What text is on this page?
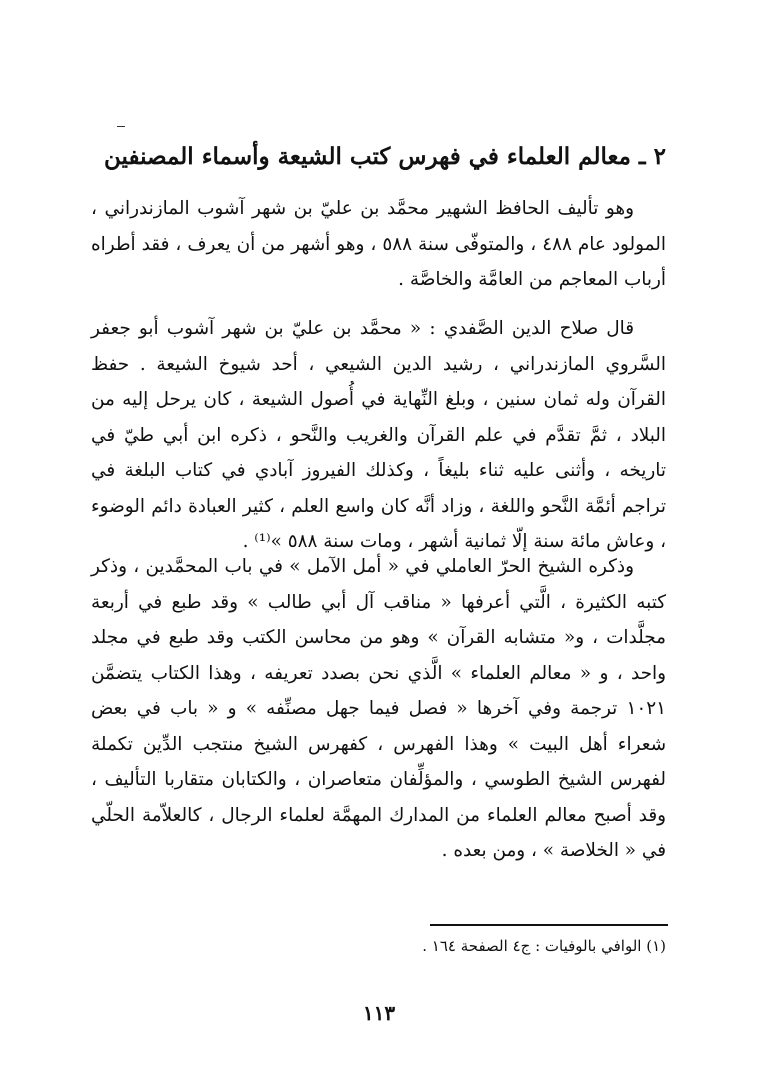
٢ ـ معالم العلماء في فهرس كتب الشيعة وأسماء المصنفين

وهو تأليف الحافظ الشهير محمَّد بن عليّ بن شهر آشوب المازندراني ، المولود عام ٤٨٨ ، والمتوفّى سنة ٥٨٨ ، وهو أشهر من أن يعرف ، فقد أطراه أرباب المعاجم من العامَّة والخاصَّة .

قال صلاح الدين الصَّفدي : « محمَّد بن عليّ بن شهر آشوب أبو جعفر السَّروي المازندراني ، رشيد الدين الشيعي ، أحد شيوخ الشيعة . حفظ القرآن وله ثمان سنين ، وبلغ النِّهاية في أُصول الشيعة ، كان يرحل إليه من البلاد ، ثمَّ تقدَّم في علم القرآن والغريب والنَّحو ، ذكره ابن أبي طيّ في تاريخه ، وأثنى عليه ثناء بليغاً ، وكذلك الفيروز آبادي في كتاب البلغة في تراجم أئمَّة النَّحو واللغة ، وزاد أنَّه كان واسع العلم ، كثير العبادة دائم الوضوء ، وعاش مائة سنة إلّا ثمانية أشهر ، ومات سنة ٥٨٨ »⁽¹⁾ .

وذكره الشيخ الحرّ العاملي في « أمل الآمل » في باب المحمَّدين ، وذكر كتبه الكثيرة ، الَّتي أعرفها « مناقب آل أبي طالب » وقد طبع في أربعة مجلَّدات ، و« متشابه القرآن » وهو من محاسن الكتب وقد طبع في مجلد واحد ، و « معالم العلماء » الَّذي نحن بصدد تعريفه ، وهذا الكتاب يتضمَّن ١٠٢١ ترجمة وفي آخرها « فصل فيما جهل مصنِّفه » و « باب في بعض شعراء أهل البيت » وهذا الفهرس ، كفهرس الشيخ منتجب الدِّين تكملة لفهرس الشيخ الطوسي ، والمؤلِّفان متعاصران ، والكتابان متقاربا التأليف ، وقد أصبح معالم العلماء من المدارك المهمَّة لعلماء الرجال ، كالعلاّمة الحلّي في « الخلاصة » ، ومن بعده .

(١) الوافي بالوفيات : ج٤ الصفحة ١٦٤ .
١١٣
